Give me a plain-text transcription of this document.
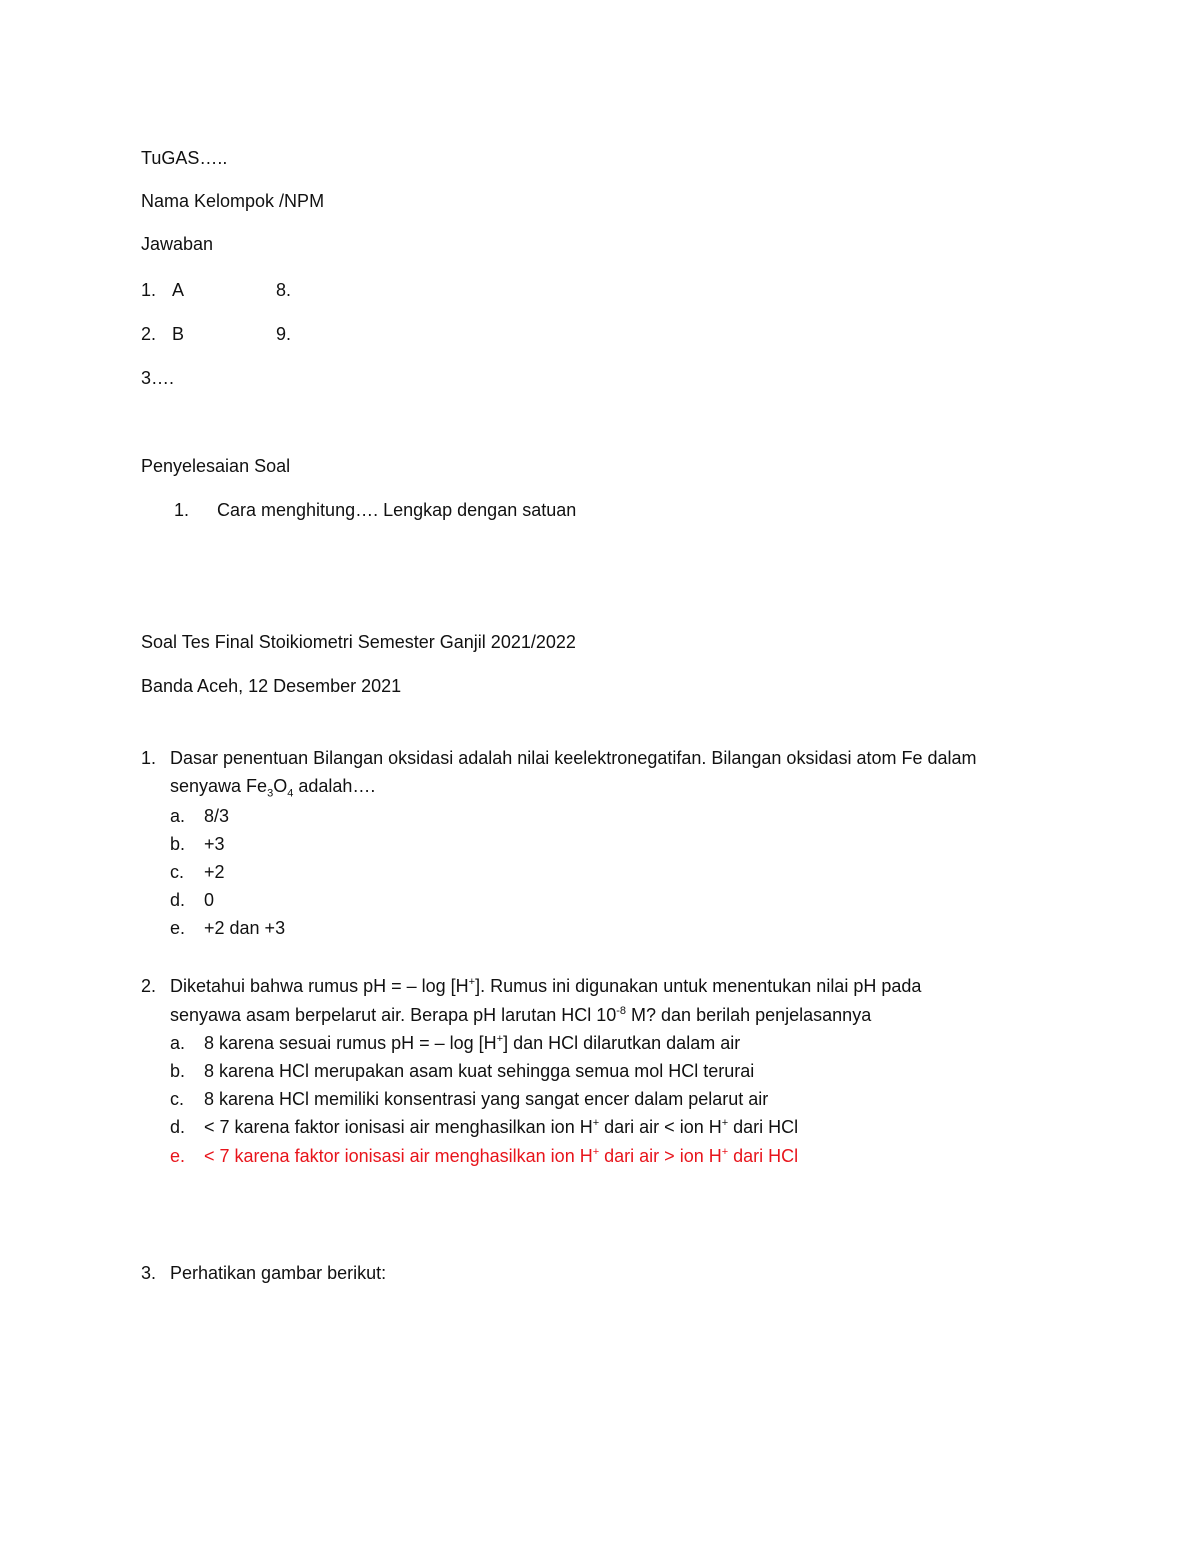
TuGAS…..
Nama Kelompok /NPM
Jawaban
1. A	8.
2. B	9.
3….
Penyelesaian Soal
1. Cara menghitung…. Lengkap dengan satuan
Soal Tes Final Stoikiometri Semester Ganjil 2021/2022
Banda Aceh, 12 Desember 2021
1. Dasar penentuan Bilangan oksidasi adalah nilai keelektronegatifan. Bilangan oksidasi atom Fe dalam
senyawa $Fe_3O_4$ adalah….
a. 8/3
b. +3
c. +2
d. 0
e. +2 dan +3
2. Diketahui bahwa rumus pH = – log [H+]. Rumus ini digunakan untuk menentukan nilai pH pada
senyawa asam berpelarut air. Berapa pH larutan HCl $10^{-8}$ M? dan berilah penjelasannya
a. 8 karena sesuai rumus pH = – log [H+] dan HCl dilarutkan dalam air
b. 8 karena HCl merupakan asam kuat sehingga semua mol HCl terurai
c. 8 karena HCl memiliki konsentrasi yang sangat encer dalam pelarut air
d. < 7 karena faktor ionisasi air menghasilkan ion H+ dari air < ion H+ dari HCl
e. < 7 karena faktor ionisasi air menghasilkan ion H+ dari air > ion H+ dari HCl
3. Perhatikan gambar berikut:
